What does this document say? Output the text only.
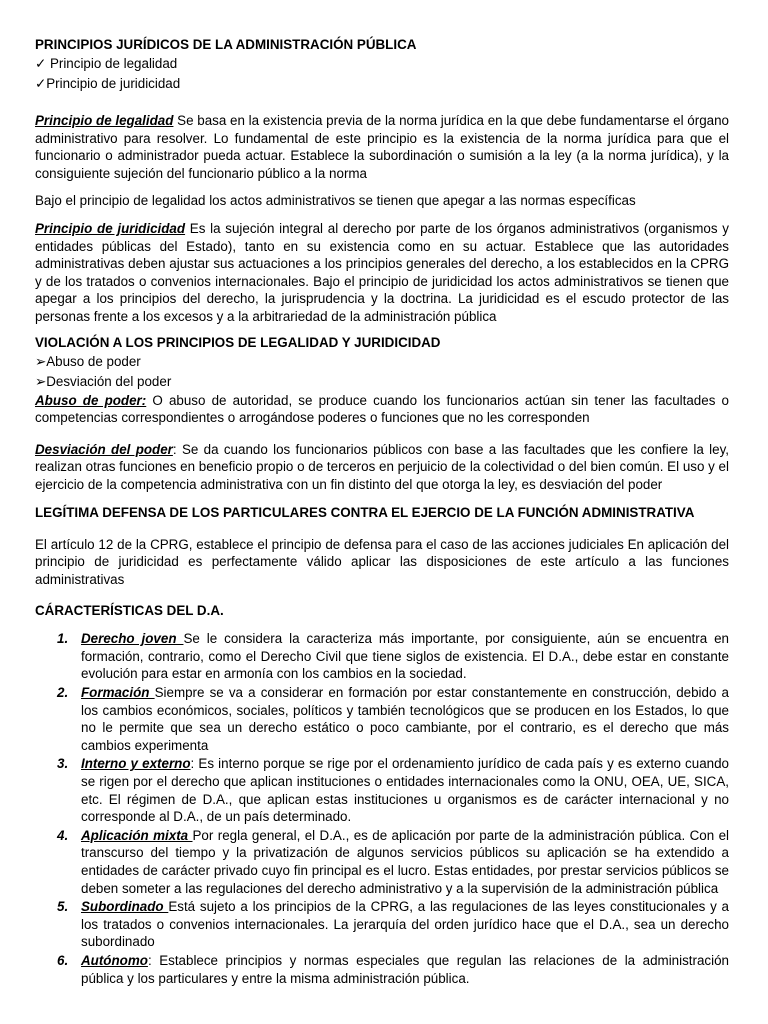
PRINCIPIOS JURÍDICOS DE LA ADMINISTRACIÓN PÚBLICA
✓ Principio de legalidad
✓Principio de juridicidad

Principio de legalidad Se basa en la existencia previa de la norma jurídica en la que debe fundamentarse el órgano administrativo para resolver. Lo fundamental de este principio es la existencia de la norma jurídica para que el funcionario o administrador pueda actuar. Establece la subordinación o sumisión a la ley (a la norma jurídica), y la consiguiente sujeción del funcionario público a la norma

Bajo el principio de legalidad los actos administrativos se tienen que apegar a las normas específicas

Principio de juridicidad Es la sujeción integral al derecho por parte de los órganos administrativos (organismos y entidades públicas del Estado), tanto en su existencia como en su actuar. Establece que las autoridades administrativas deben ajustar sus actuaciones a los principios generales del derecho, a los establecidos en la CPRG y de los tratados o convenios internacionales. Bajo el principio de juridicidad los actos administrativos se tienen que apegar a los principios del derecho, la jurisprudencia y la doctrina. La juridicidad es el escudo protector de las personas frente a los excesos y a la arbitrariedad de la administración pública

VIOLACIÓN A LOS PRINCIPIOS DE LEGALIDAD Y JURIDICIDAD
➢Abuso de poder
➢Desviación del poder

Abuso de poder: O abuso de autoridad, se produce cuando los funcionarios actúan sin tener las facultades o competencias correspondientes o arrogándose poderes o funciones que no les corresponden

Desviación del poder: Se da cuando los funcionarios públicos con base a las facultades que les confiere la ley, realizan otras funciones en beneficio propio o de terceros en perjuicio de la colectividad o del bien común. El uso y el ejercicio de la competencia administrativa con un fin distinto del que otorga la ley, es desviación del poder

LEGÍTIMA DEFENSA DE LOS PARTICULARES CONTRA EL EJERCIO DE LA FUNCIÓN ADMINISTRATIVA

El artículo 12 de la CPRG, establece el principio de defensa para el caso de las acciones judiciales En aplicación del principio de juridicidad es perfectamente válido aplicar las disposiciones de este artículo a las funciones administrativas

CÁRACTERÍSTICAS DEL D.A.
1. Derecho joven Se le considera la caracteriza más importante, por consiguiente, aún se encuentra en formación, contrario, como el Derecho Civil que tiene siglos de existencia. El D.A., debe estar en constante evolución para estar en armonía con los cambios en la sociedad.
2. Formación Siempre se va a considerar en formación por estar constantemente en construcción, debido a los cambios económicos, sociales, políticos y también tecnológicos que se producen en los Estados, lo que no le permite que sea un derecho estático o poco cambiante, por el contrario, es el derecho que más cambios experimenta
3. Interno y externo: Es interno porque se rige por el ordenamiento jurídico de cada país y es externo cuando se rigen por el derecho que aplican instituciones o entidades internacionales como la ONU, OEA, UE, SICA, etc. El régimen de D.A., que aplican estas instituciones u organismos es de carácter internacional y no corresponde al D.A., de un país determinado.
4. Aplicación mixta Por regla general, el D.A., es de aplicación por parte de la administración pública. Con el transcurso del tiempo y la privatización de algunos servicios públicos su aplicación se ha extendido a entidades de carácter privado cuyo fin principal es el lucro. Estas entidades, por prestar servicios públicos se deben someter a las regulaciones del derecho administrativo y a la supervisión de la administración pública
5. Subordinado Está sujeto a los principios de la CPRG, a las regulaciones de las leyes constitucionales y a los tratados o convenios internacionales. La jerarquía del orden jurídico hace que el D.A., sea un derecho subordinado
6. Autónomo: Establece principios y normas especiales que regulan las relaciones de la administración pública y los particulares y entre la misma administración pública.
